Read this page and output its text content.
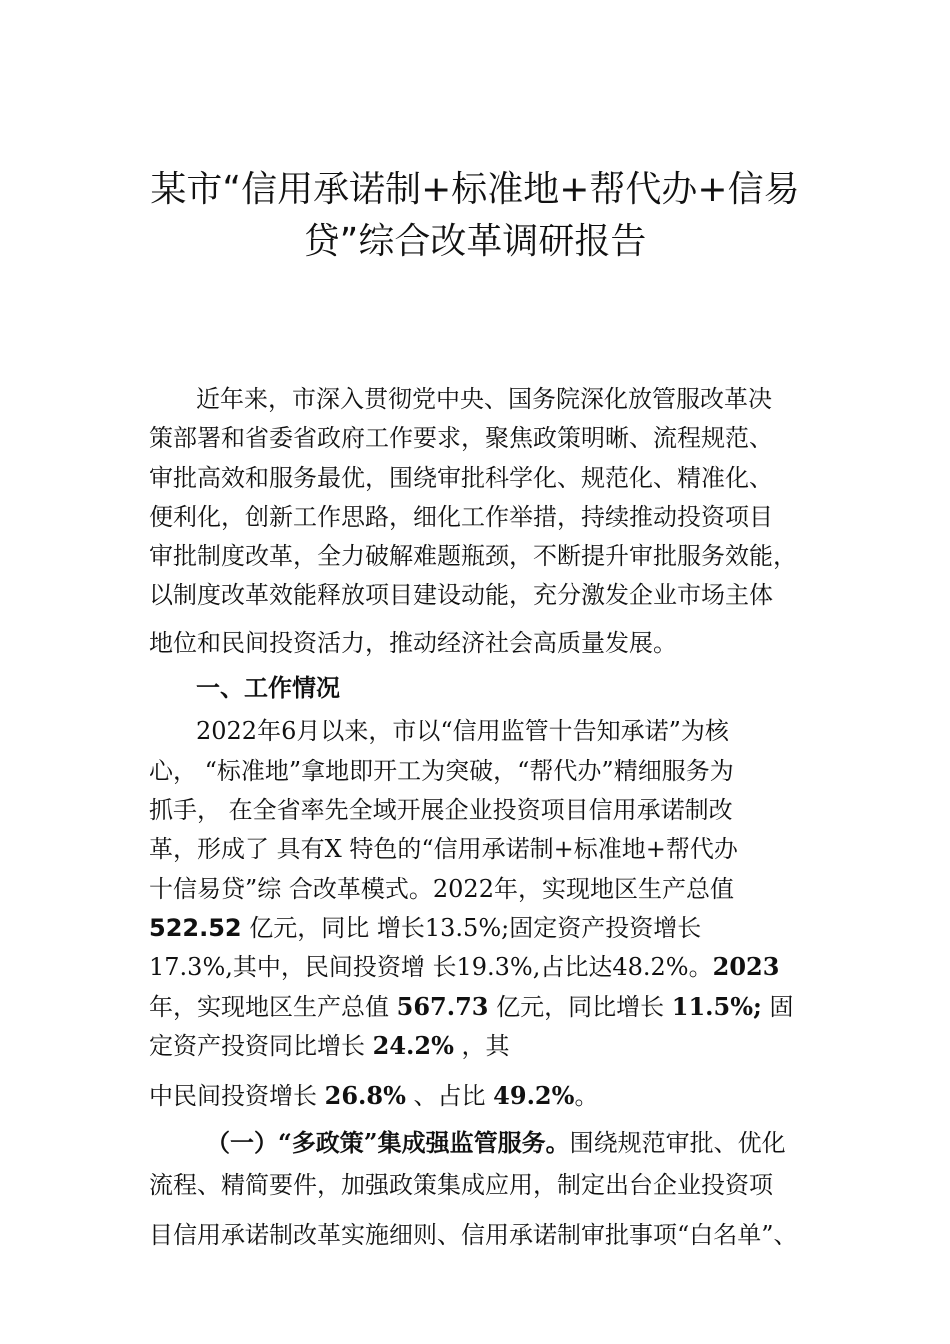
某市“信用承诺制+标准地+帮代办+信易
贷”综合改革调研报告
近年来，市深入贯彻党中央、国务院深化放管服改革决
策部署和省委省政府工作要求，聚焦政策明晰、流程规范、
审批高效和服务最优，围绕审批科学化、规范化、精准化、
便利化，创新工作思路，细化工作举措，持续推动投资项目
审批制度改革，全力破解难题瓶颈，不断提升审批服务效能，
以制度改革效能释放项目建设动能，充分激发企业市场主体
地位和民间投资活力，推动经济社会高质量发展。
一、工作情况
2022年6月以来，市以“信用监管十告知承诺”为核
心， “标准地”拿地即开工为突破，“帮代办”精细服务为
抓手， 在全省率先全域开展企业投资项目信用承诺制改
革，形成了 具有X 特色的“信用承诺制+标准地+帮代办
十信易贷”综 合改革模式。2022年，实现地区生产总值
522.52 亿元，同比 增长13.5%;固定资产投资增长
17.3%,其中，民间投资增 长19.3%,占比达48.2%。2023
年，实现地区生产总值 567.73 亿元，同比增长 11.5%; 固
定资产投资同比增长 24.2% ，其
中民间投资增长 26.8% 、占比 49.2%。
（一）“多政策”集成强监管服务。围绕规范审批、优化
流程、精简要件，加强政策集成应用，制定出台企业投资项
目信用承诺制改革实施细则、信用承诺制审批事项“白名单”、
